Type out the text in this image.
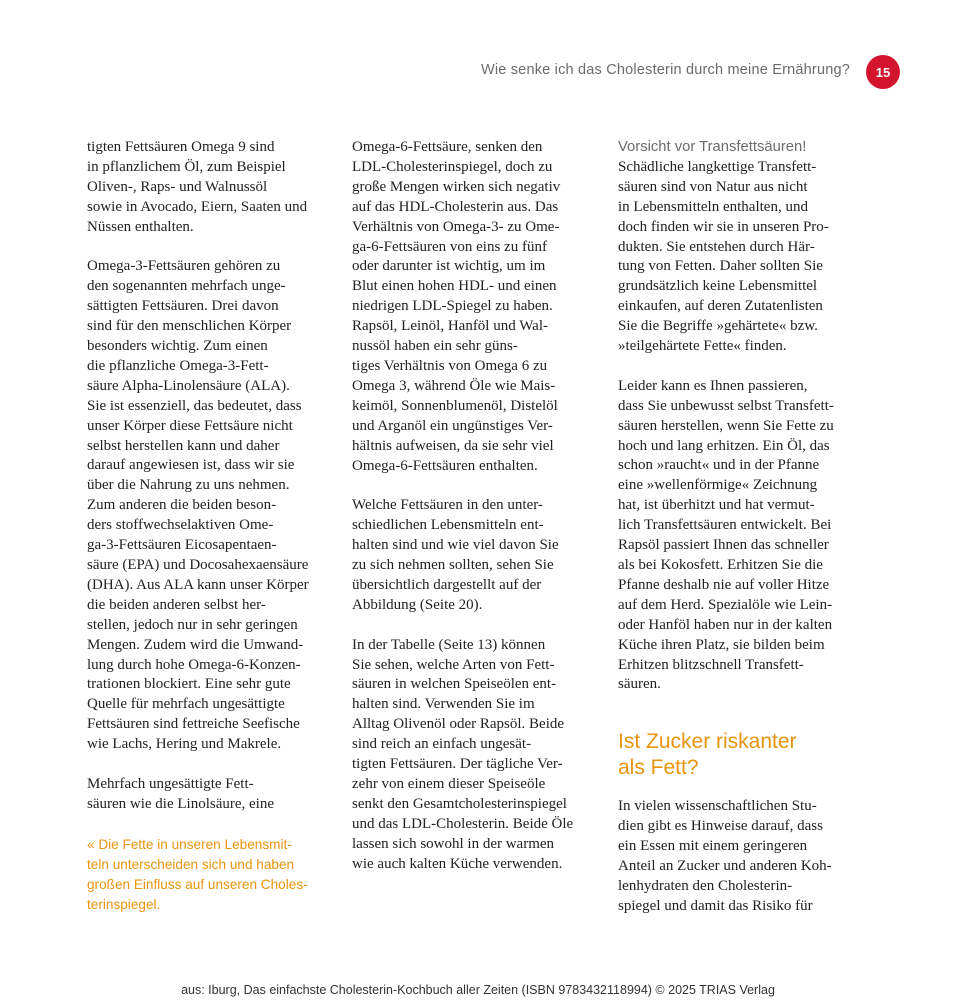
Wie senke ich das Cholesterin durch meine Ernährung?	15

tigten Fettsäuren Omega 9 sind
in pflanzlichem Öl, zum Beispiel
Oliven-, Raps- und Walnussöl
sowie in Avocado, Eiern, Saaten und
Nüssen enthalten.

Omega-3-Fettsäuren gehören zu
den sogenannten mehrfach unge-
sättigten Fettsäuren. Drei davon
sind für den menschlichen Körper
besonders wichtig. Zum einen
die pflanzliche Omega-3-Fett-
säure Alpha-Linolensäure (ALA).
Sie ist essenziell, das bedeutet, dass
unser Körper diese Fettsäure nicht
selbst herstellen kann und daher
darauf angewiesen ist, dass wir sie
über die Nahrung zu uns nehmen.
Zum anderen die beiden beson-
ders stoffwechselaktiven Ome-
ga-3-Fettsäuren Eicosapentaen-
säure (EPA) und Docosahexaensäure
(DHA). Aus ALA kann unser Körper
die beiden anderen selbst her-
stellen, jedoch nur in sehr geringen
Mengen. Zudem wird die Umwand-
lung durch hohe Omega-6-Konzen-
trationen blockiert. Eine sehr gute
Quelle für mehrfach ungesättigte
Fettsäuren sind fettreiche Seefische
wie Lachs, Hering und Makrele.

Mehrfach ungesättigte Fett-
säuren wie die Linolsäure, eine

« Die Fette in unseren Lebensmit-
teln unterscheiden sich und haben
großen Einfluss auf unseren Choles-
terinspiegel.

Omega-6-Fettsäure, senken den
LDL-Cholesterinspiegel, doch zu
große Mengen wirken sich negativ
auf das HDL-Cholesterin aus. Das
Verhältnis von Omega-3- zu Ome-
ga-6-Fettsäuren von eins zu fünf
oder darunter ist wichtig, um im
Blut einen hohen HDL- und einen
niedrigen LDL-Spiegel zu haben.
Rapsöl, Leinöl, Hanföl und Wal-
nussöl haben ein sehr güns-
tiges Verhältnis von Omega 6 zu
Omega 3, während Öle wie Mais-
keimöl, Sonnenblumenöl, Distelöl
und Arganöl ein ungünstiges Ver-
hältnis aufweisen, da sie sehr viel
Omega-6-Fettsäuren enthalten.

Welche Fettsäuren in den unter-
schiedlichen Lebensmitteln ent-
halten sind und wie viel davon Sie
zu sich nehmen sollten, sehen Sie
übersichtlich dargestellt auf der
Abbildung (Seite 20).

In der Tabelle (Seite 13) können
Sie sehen, welche Arten von Fett-
säuren in welchen Speiseölen ent-
halten sind. Verwenden Sie im
Alltag Olivenöl oder Rapsöl. Beide
sind reich an einfach ungesät-
tigten Fettsäuren. Der tägliche Ver-
zehr von einem dieser Speiseöle
senkt den Gesamtcholesterinspiegel
und das LDL-Cholesterin. Beide Öle
lassen sich sowohl in der warmen
wie auch kalten Küche verwenden.

Vorsicht vor Transfettsäuren!

Schädliche langkettige Transfett-
säuren sind von Natur aus nicht
in Lebensmitteln enthalten, und
doch finden wir sie in unseren Pro-
dukten. Sie entstehen durch Här-
tung von Fetten. Daher sollten Sie
grundsätzlich keine Lebensmittel
einkaufen, auf deren Zutatenlisten
Sie die Begriffe »gehärtete« bzw.
»teilgehärtete Fette« finden.

Leider kann es Ihnen passieren,
dass Sie unbewusst selbst Transfett-
säuren herstellen, wenn Sie Fette zu
hoch und lang erhitzen. Ein Öl, das
schon »raucht« und in der Pfanne
eine »wellenförmige« Zeichnung
hat, ist überhitzt und hat vermut-
lich Transfettsäuren entwickelt. Bei
Rapsöl passiert Ihnen das schneller
als bei Kokosfett. Erhitzen Sie die
Pfanne deshalb nie auf voller Hitze
auf dem Herd. Spezialöle wie Lein-
oder Hanföl haben nur in der kalten
Küche ihren Platz, sie bilden beim
Erhitzen blitzschnell Transfett-
säuren.

Ist Zucker riskanter
als Fett?

In vielen wissenschaftlichen Stu-
dien gibt es Hinweise darauf, dass
ein Essen mit einem geringeren
Anteil an Zucker und anderen Koh-
lenhydraten den Cholesterin-
spiegel und damit das Risiko für

aus: Iburg, Das einfachste Cholesterin-Kochbuch aller Zeiten (ISBN 9783432118994) © 2025 TRIAS Verlag
